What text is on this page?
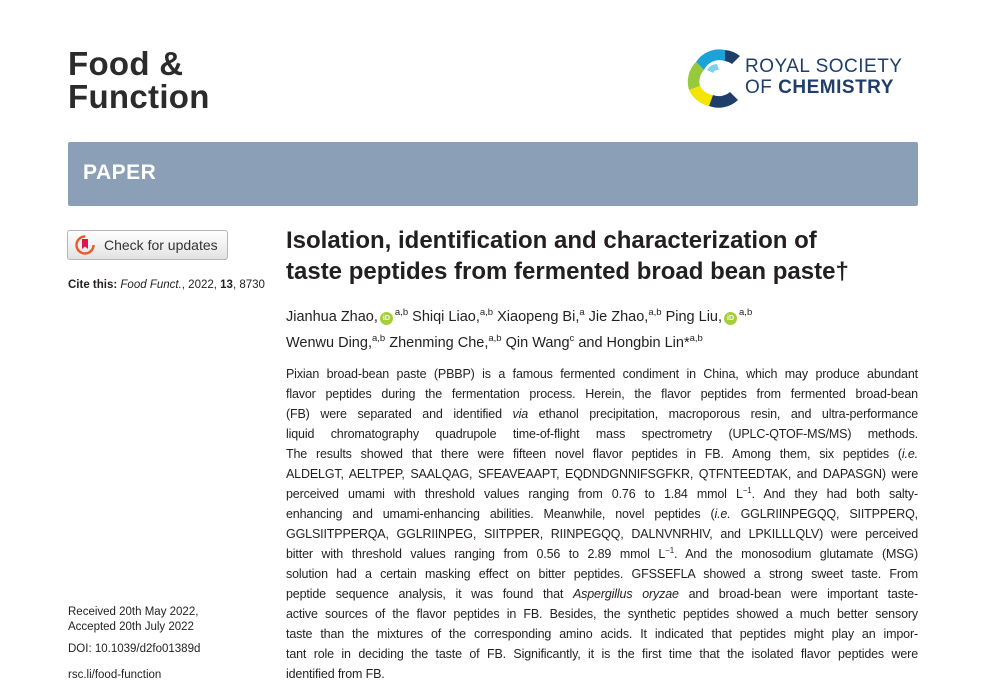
Food &
Function
ROYAL SOCIETY
OF CHEMISTRY
PAPER
Check for updates
Cite this: Food Funct., 2022, 13, 8730
Isolation, identification and characterization of
taste peptides from fermented broad bean paste†
Jianhua Zhao, iD$^{a,b}$ Shiqi Liao,$^{a,b}$ Xiaopeng Bi,$^a$ Jie Zhao,$^{a,b}$ Ping Liu, iD$^{a,b}$
Wenwu Ding,$^{a,b}$ Zhenming Che,$^{a,b}$ Qin Wang$^c$ and Hongbin Lin*$^{a,b}$

Pixian broad-bean paste (PBBP) is a famous fermented condiment in China, which may produce abundant

flavor peptides during the fermentation process. Herein, the flavor peptides from fermented broad-bean

(FB) were separated and identified via ethanol precipitation, macroporous resin, and ultra-performance

liquid chromatography quadrupole time-of-flight mass spectrometry (UPLC-QTOF-MS/MS) methods.

The results showed that there were fifteen novel flavor peptides in FB. Among them, six peptides (i.e.

ALDELGT, AELTPEP, SAALQAG, SFEAVEAAPT, EQDNDGNNIFSGFKR, QTFNTEEDTAK, and DAPASGN) were

perceived umami with threshold values ranging from 0.76 to 1.84 mmol $L^{-1}$. And they had both salty-

enhancing and umami-enhancing abilities. Meanwhile, novel peptides (i.e. GGLRIINPEGQQ, SIITPPERQ,

GGLSIITPPERQA, GGLRIINPEG, SIITPPER, RIINPEGQQ, DALNVNRHIV, and LPKILLLQLV) were perceived

bitter with threshold values ranging from 0.56 to 2.89 mmol $L^{-1}$. And the monosodium glutamate (MSG)

solution had a certain masking effect on bitter peptides. GFSSEFLA showed a strong sweet taste. From

peptide sequence analysis, it was found that Aspergillus oryzae and broad-bean were important taste-

active sources of the flavor peptides in FB. Besides, the synthetic peptides showed a much better sensory

taste than the mixtures of the corresponding amino acids. It indicated that peptides might play an impor-

tant role in deciding the taste of FB. Significantly, it is the first time that the isolated flavor peptides were

identified from FB.

Received 20th May 2022,
Accepted 20th July 2022
DOI: 10.1039/d2fo01389d
rsc.li/food-function
